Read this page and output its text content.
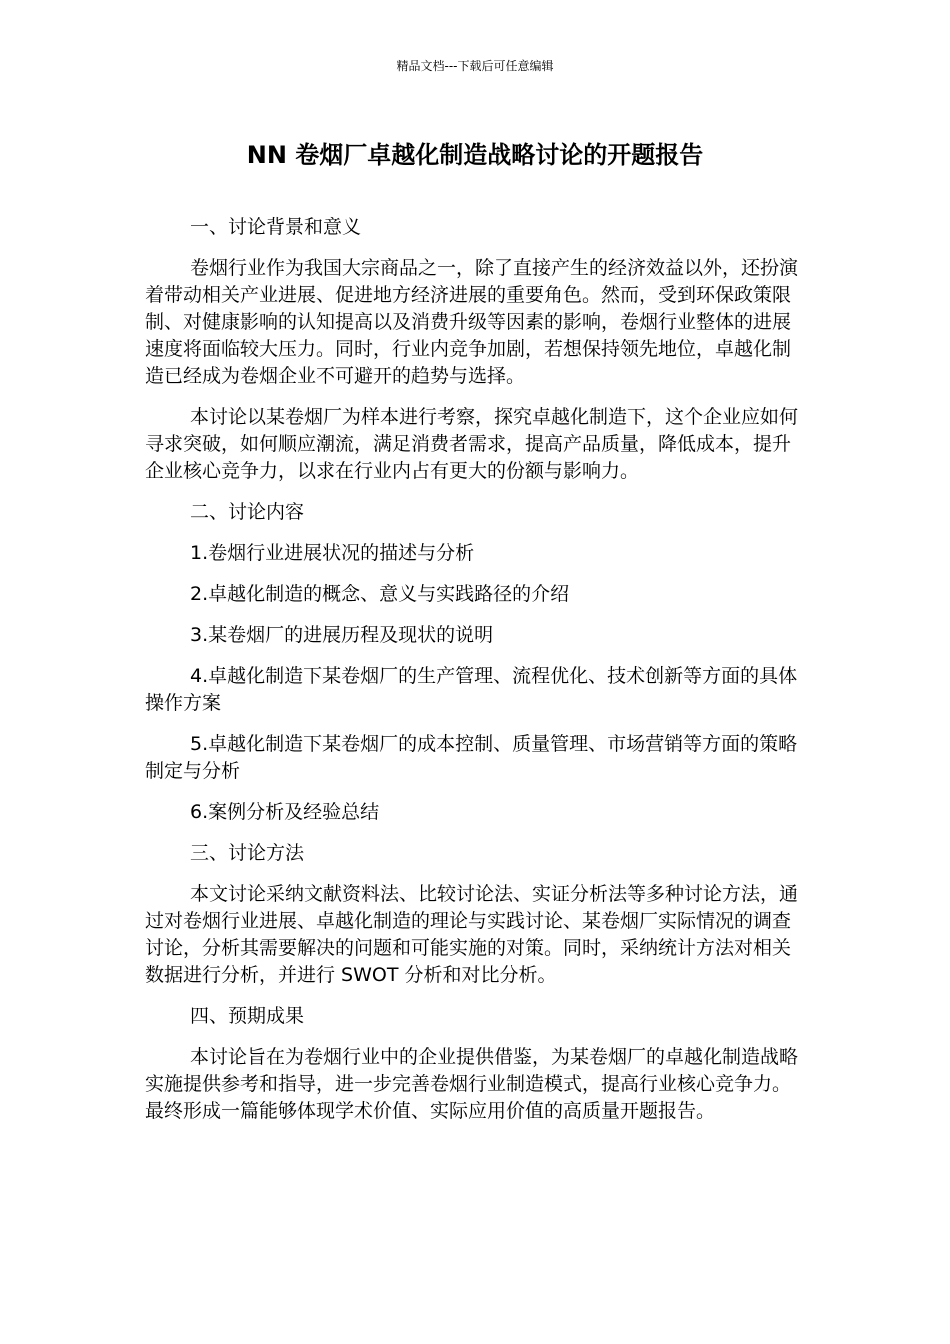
精品文档---下载后可任意编辑
NN 卷烟厂卓越化制造战略讨论的开题报告

一、讨论背景和意义

卷烟行业作为我国大宗商品之一，除了直接产生的经济效益以外，还扮演着带动相关产业进展、促进地方经济进展的重要角色。然而，受到环保政策限制、对健康影响的认知提高以及消费升级等因素的影响，卷烟行业整体的进展速度将面临较大压力。同时，行业内竞争加剧，若想保持领先地位，卓越化制造已经成为卷烟企业不可避开的趋势与选择。

本讨论以某卷烟厂为样本进行考察，探究卓越化制造下，这个企业应如何寻求突破，如何顺应潮流，满足消费者需求，提高产品质量，降低成本，提升企业核心竞争力，以求在行业内占有更大的份额与影响力。

二、讨论内容

1.卷烟行业进展状况的描述与分析

2.卓越化制造的概念、意义与实践路径的介绍

3.某卷烟厂的进展历程及现状的说明

4.卓越化制造下某卷烟厂的生产管理、流程优化、技术创新等方面的具体操作方案

5.卓越化制造下某卷烟厂的成本控制、质量管理、市场营销等方面的策略制定与分析

6.案例分析及经验总结

三、讨论方法

本文讨论采纳文献资料法、比较讨论法、实证分析法等多种讨论方法，通过对卷烟行业进展、卓越化制造的理论与实践讨论、某卷烟厂实际情况的调查讨论，分析其需要解决的问题和可能实施的对策。同时，采纳统计方法对相关数据进行分析，并进行 SWOT 分析和对比分析。

四、预期成果

本讨论旨在为卷烟行业中的企业提供借鉴，为某卷烟厂的卓越化制造战略实施提供参考和指导，进一步完善卷烟行业制造模式，提高行业核心竞争力。最终形成一篇能够体现学术价值、实际应用价值的高质量开题报告。
